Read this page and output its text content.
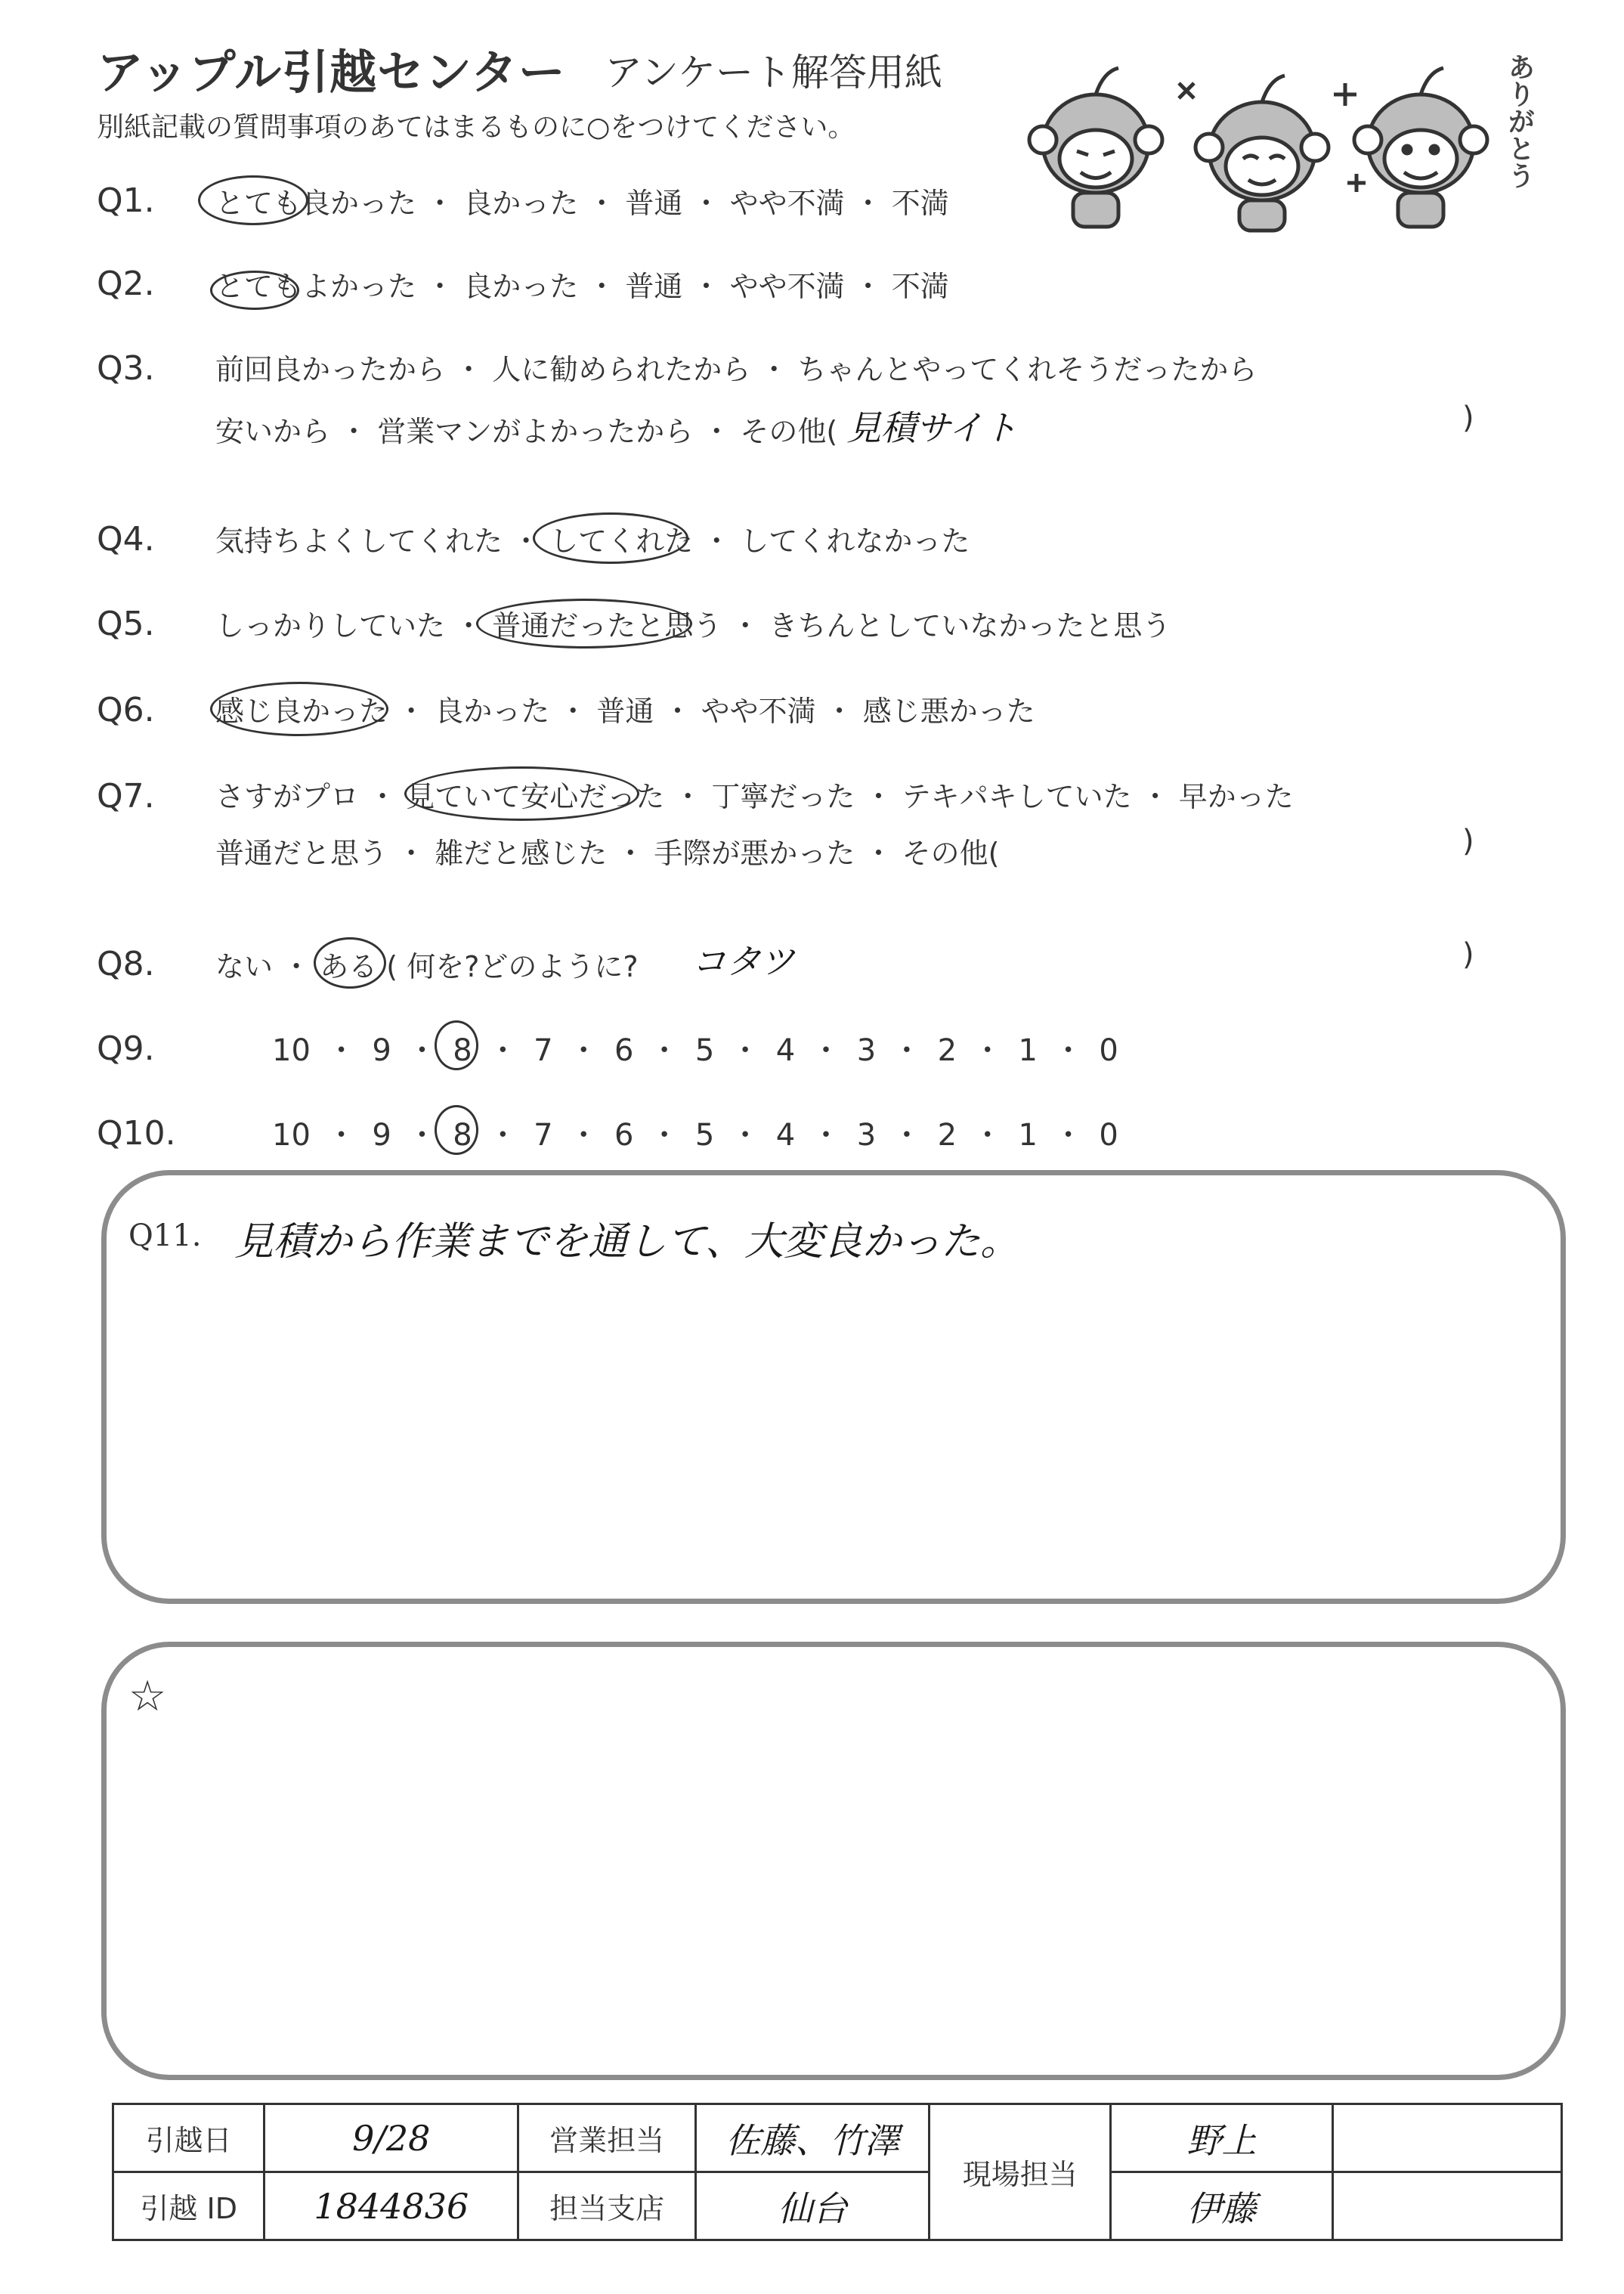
アップル引越センター アンケート解答用紙
別紙記載の質問事項のあてはまるものに○をつけてください。	ありがとう
Q1. とても良かった ・ 良かった ・ 普通 ・ やや不満 ・ 不満
Q2. とてもよかった ・ 良かった ・ 普通 ・ やや不満 ・ 不満
Q3. 前回良かったから ・ 人に勧められたから ・ ちゃんとやってくれそうだったから
安いから ・ 営業マンがよかったから ・ その他( 見積サイト	)
Q4. 気持ちよくしてくれた ・ してくれた ・ してくれなかった
Q5. しっかりしていた ・ 普通だったと思う ・ きちんとしていなかったと思う
Q6. 感じ良かった ・ 良かった ・ 普通 ・ やや不満 ・ 感じ悪かった
Q7. さすがプロ ・ 見ていて安心だった ・ 丁寧だった ・ テキパキしていた ・ 早かった
普通だと思う ・ 雑だと感じた ・ 手際が悪かった ・ その他(	)
Q8. ない ・ ある ( 何を?どのように? コタツ	)
Q9.	10 ・ 9 ・ 8 ・ 7 ・ 6 ・ 5 ・ 4 ・ 3 ・ 2 ・ 1 ・ 0
Q10.	10 ・ 9 ・ 8 ・ 7 ・ 6 ・ 5 ・ 4 ・ 3 ・ 2 ・ 1 ・ 0
Q11. 見積から作業までを通して、大変良かった。
☆
引越日	9/28	営業担当	佐藤、竹澤	現場担当	野上	
引越 ID	1844836	担当支店	仙台		伊藤	
